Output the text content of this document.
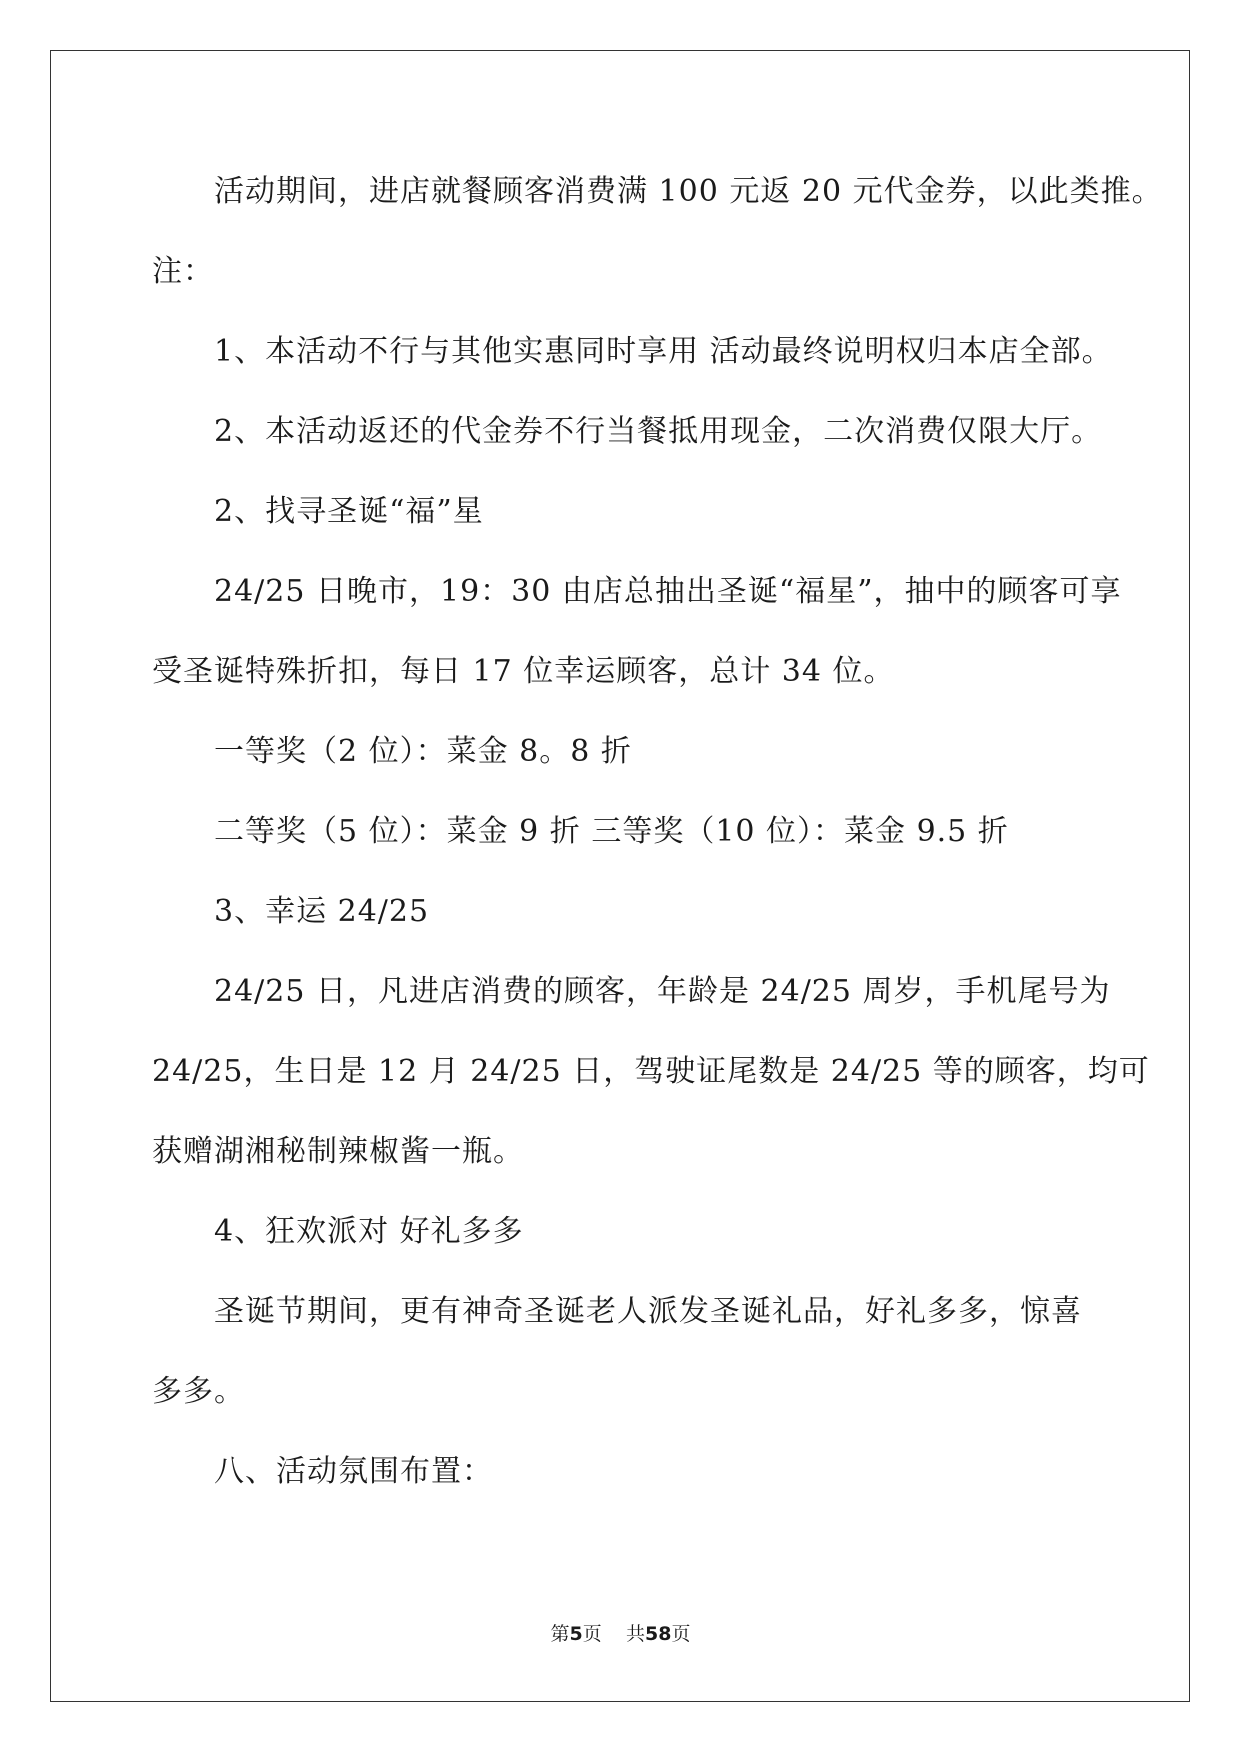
活动期间，进店就餐顾客消费满 100 元返 20 元代金券，以此类推。
注：
1、本活动不行与其他实惠同时享用 活动最终说明权归本店全部。
2、本活动返还的代金券不行当餐抵用现金，二次消费仅限大厅。
2、找寻圣诞“福”星
24/25 日晚市，19：30 由店总抽出圣诞“福星”，抽中的顾客可享
受圣诞特殊折扣，每日 17 位幸运顾客，总计 34 位。
一等奖（2 位）：菜金 8。8 折
二等奖（5 位）：菜金 9 折 三等奖（10 位）：菜金 9.5 折
3、幸运 24/25
24/25 日，凡进店消费的顾客，年龄是 24/25 周岁，手机尾号为
24/25，生日是 12 月 24/25 日，驾驶证尾数是 24/25 等的顾客，均可
获赠湖湘秘制辣椒酱一瓶。
4、狂欢派对 好礼多多
圣诞节期间，更有神奇圣诞老人派发圣诞礼品，好礼多多，惊喜
多多。
八、活动氛围布置：
第5页 共58页
